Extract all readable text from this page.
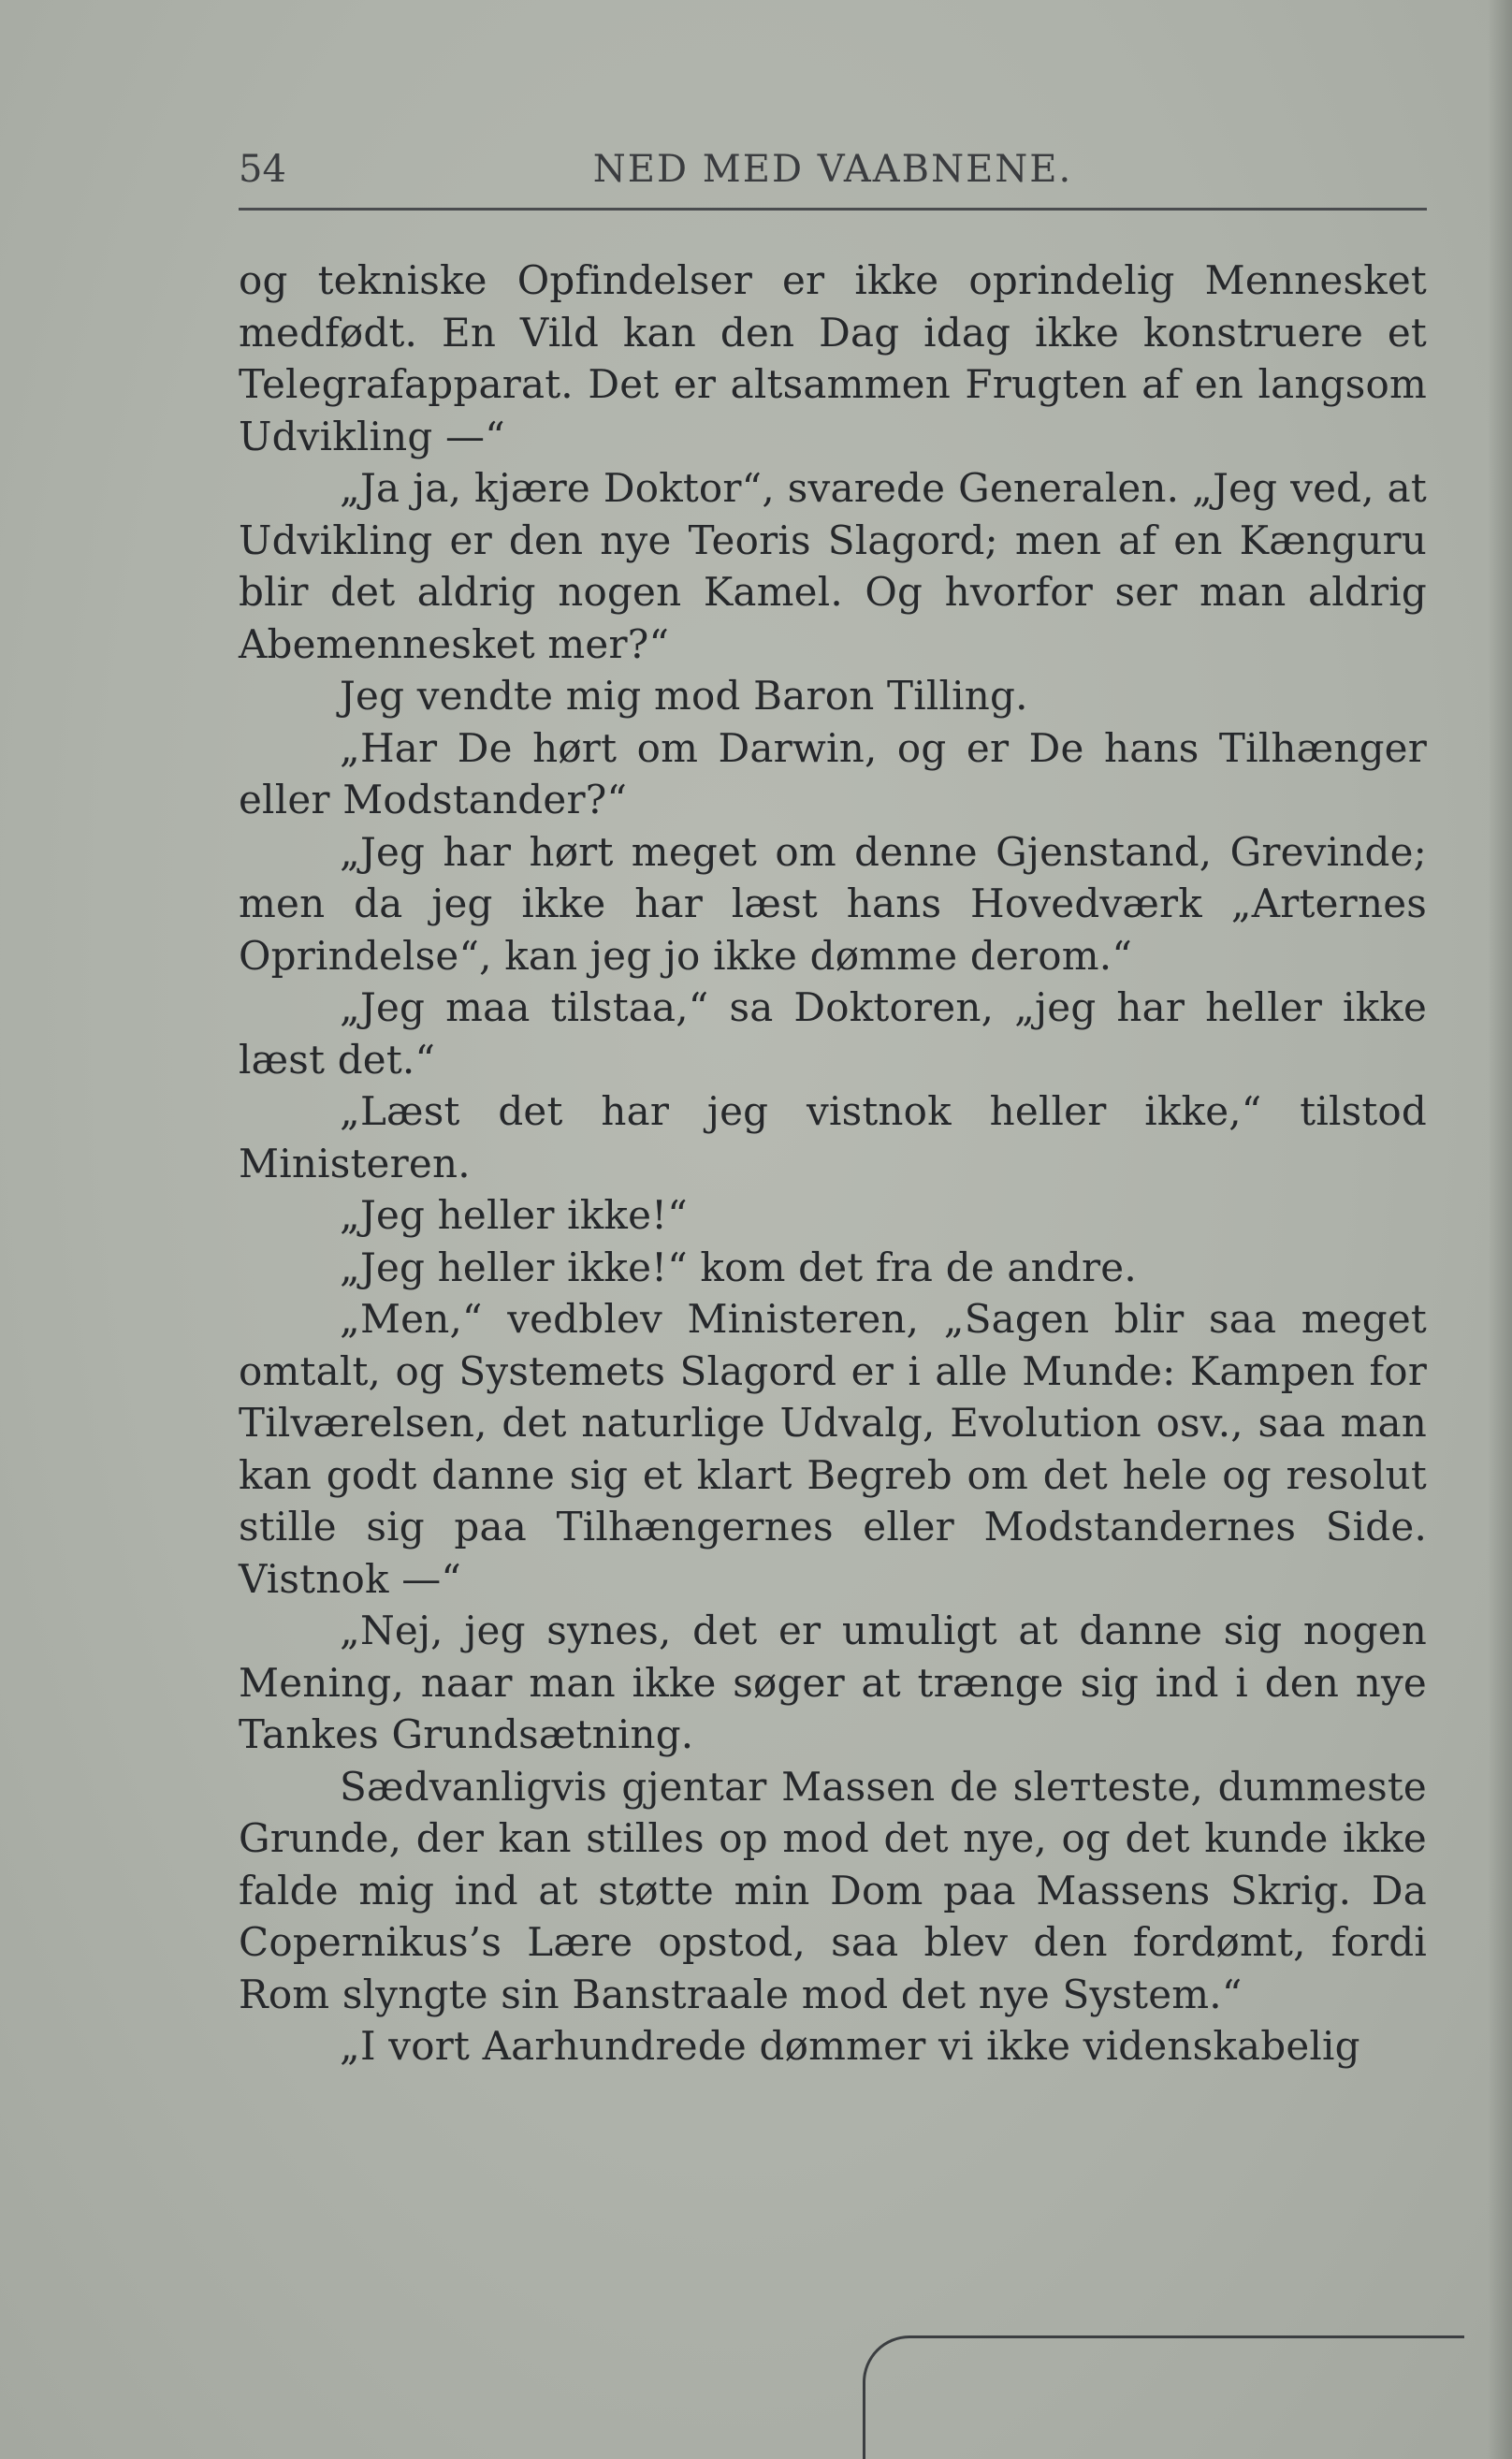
54	NED MED VAABNENE.

og tekniske Opfindelser er ikke oprindelig Mennesket medfødt. En Vild kan den Dag idag ikke konstruere et Telegrafapparat. Det er altsammen Frugten af en langsom Udvikling —“

„Ja ja, kjære Doktor“, svarede Generalen. „Jeg ved, at Udvikling er den nye Teoris Slagord; men af en Kænguru blir det aldrig nogen Kamel. Og hvorfor ser man aldrig Abemennesket mer?“

Jeg vendte mig mod Baron Tilling.

„Har De hørt om Darwin, og er De hans Tilhænger eller Modstander?“

„Jeg har hørt meget om denne Gjenstand, Grevinde; men da jeg ikke har læst hans Hovedværk „Arternes Oprindelse“, kan jeg jo ikke dømme derom.“

„Jeg maa tilstaa,“ sa Doktoren, „jeg har heller ikke læst det.“

„Læst det har jeg vistnok heller ikke,“ tilstod Ministeren.

„Jeg heller ikke!“

„Jeg heller ikke!“ kom det fra de andre.

„Men,“ vedblev Ministeren, „Sagen blir saa meget omtalt, og Systemets Slagord er i alle Munde: Kampen for Tilværelsen, det naturlige Udvalg, Evolution osv., saa man kan godt danne sig et klart Begreb om det hele og resolut stille sig paa Tilhængernes eller Modstandernes Side. Vistnok —“

„Nej, jeg synes, det er umuligt at danne sig nogen Mening, naar man ikke søger at trænge sig ind i den nye Tankes Grundsætning.

Sædvanligvis gjentar Massen de slетteste, dummeste Grunde, der kan stilles op mod det nye, og det kunde ikke falde mig ind at støtte min Dom paa Massens Skrig. Da Copernikus’s Lære opstod, saa blev den fordømt, fordi Rom slyngte sin Banstraale mod det nye System.“

„I vort Aarhundrede dømmer vi ikke videnskabelig
